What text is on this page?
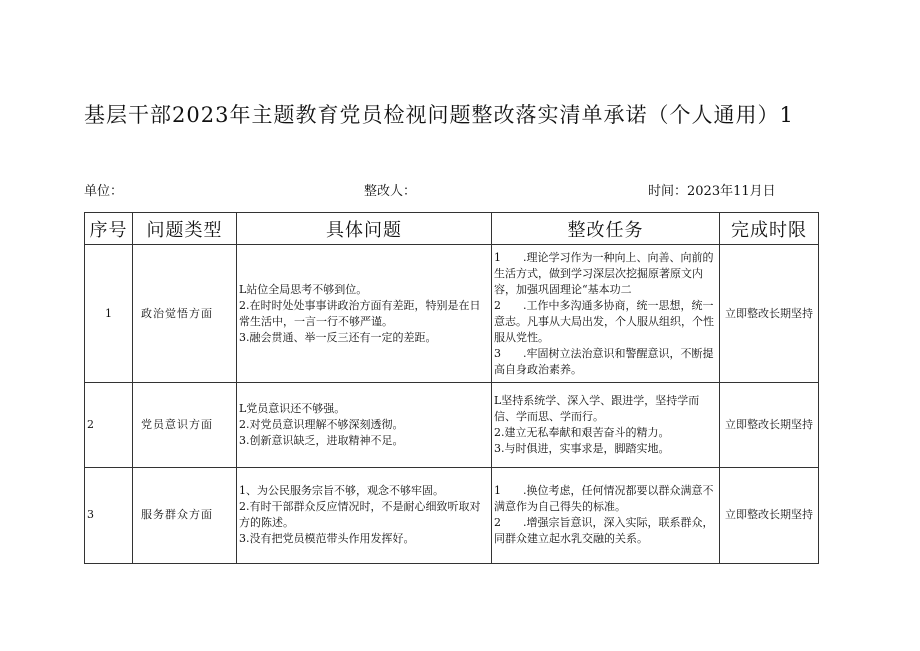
基层干部2023年主题教育党员检视问题整改落实清单承诺（个人通用）1
单位：	整改人：	时间：2023年11月日
序号	问题类型	具体问题	整改任务	完成时限
1	政治觉悟方面	L站位全局思考不够到位。
2.在时时处处事事讲政治方面有差距，特别是在日常生活中，一言一行不够严谨。
3.融会贯通、举一反三还有一定的差距。	1　　.理论学习作为一种向上、向善、向前的生活方式，做到学习深层次挖掘原著原文内容，加强巩固理论“基本功二
2　　.工作中多沟通多协商，统一思想，统一意志。凡事从大局出发，个人服从组织，个性服从党性。
3　　.牢固树立法治意识和警醒意识，不断提高自身政治素养。	立即整改长期坚持
2	党员意识方面	L党员意识还不够强。
2.对党员意识理解不够深刻透彻。
3.创新意识缺乏，进取精神不足。	L坚持系统学、深入学、跟进学，坚持学而信、学而思、学而行。
2.建立无私奉献和艰苦奋斗的精力。
3.与时俱进，实事求是，脚踏实地。	立即整改长期坚持
3	服务群众方面	1、为公民服务宗旨不够，观念不够牢固。
2.有时干部群众反应情况时，不是耐心细致听取对方的陈述。
3.没有把党员模范带头作用发挥好。	1　　.换位考虑，任何情况都要以群众满意不满意作为自己得失的标准。
2　　.增强宗旨意识，深入实际，联系群众，同群众建立起水乳交融的关系。	立即整改长期坚持
